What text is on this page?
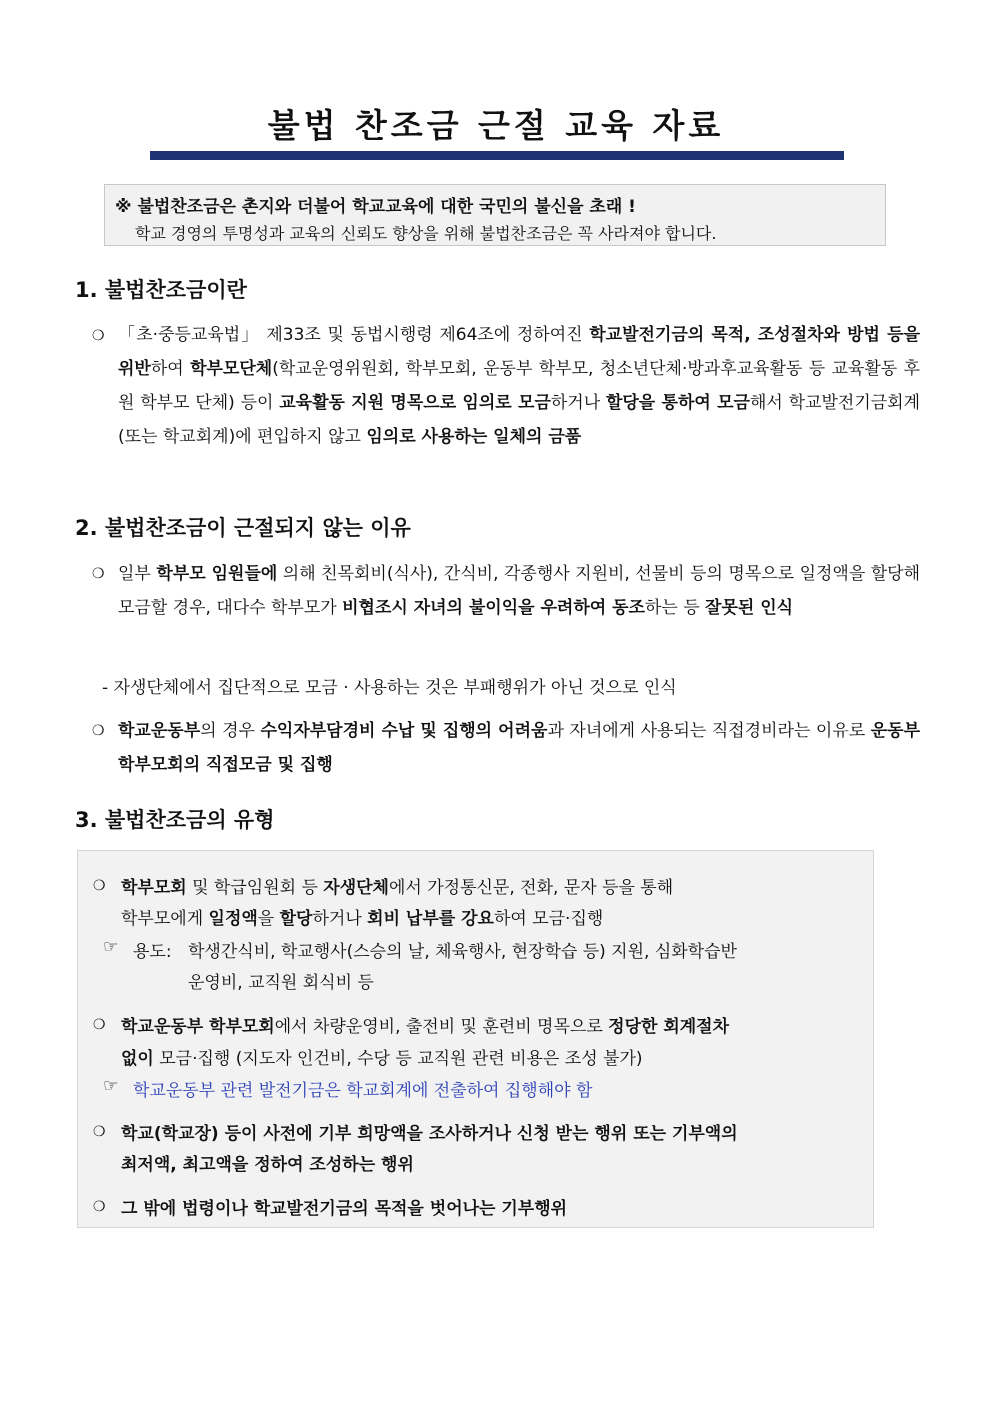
불법 찬조금 근절 교육 자료
※ 불법찬조금은 촌지와 더불어 학교교육에 대한 국민의 불신을 초래 !
학교 경영의 투명성과 교육의 신뢰도 향상을 위해 불법찬조금은 꼭 사라져야 합니다.
1. 불법찬조금이란
❍ 「초·중등교육법」 제33조 및 동법시행령 제64조에 정하여진 학교발전기금의 목적, 조성절차와 방법 등을 위반하여 학부모단체(학교운영위원회, 학부모회, 운동부 학부모, 청소년단체·방과후교육활동 등 교육활동 후원 학부모 단체) 등이 교육활동 지원 명목으로 임의로 모금하거나 할당을 통하여 모금해서 학교발전기금회계(또는 학교회계)에 편입하지 않고 임의로 사용하는 일체의 금품
2. 불법찬조금이 근절되지 않는 이유
❍ 일부 학부모 임원들에 의해 친목회비(식사), 간식비, 각종행사 지원비, 선물비 등의 명목으로 일정액을 할당해 모금할 경우, 대다수 학부모가 비협조시 자녀의 불이익을 우려하여 동조하는 등 잘못된 인식
- 자생단체에서 집단적으로 모금 · 사용하는 것은 부패행위가 아닌 것으로 인식
❍ 학교운동부의 경우 수익자부담경비 수납 및 집행의 어려움과 자녀에게 사용되는 직접경비라는 이유로 운동부 학부모회의 직접모금 및 집행
3. 불법찬조금의 유형
❍ 학부모회 및 학급임원회 등 자생단체에서 가정통신문, 전화, 문자 등을 통해
학부모에게 일정액을 할당하거나 회비 납부를 강요하여 모금·집행
☞ 용도: 학생간식비, 학교행사(스승의 날, 체육행사, 현장학습 등) 지원, 심화학습반
운영비, 교직원 회식비 등
❍ 학교운동부 학부모회에서 차량운영비, 출전비 및 훈련비 명목으로 정당한 회계절차
없이 모금·집행 (지도자 인건비, 수당 등 교직원 관련 비용은 조성 불가)
☞ 학교운동부 관련 발전기금은 학교회계에 전출하여 집행해야 함
❍ 학교(학교장) 등이 사전에 기부 희망액을 조사하거나 신청 받는 행위 또는 기부액의
최저액, 최고액을 정하여 조성하는 행위
❍ 그 밖에 법령이나 학교발전기금의 목적을 벗어나는 기부행위
